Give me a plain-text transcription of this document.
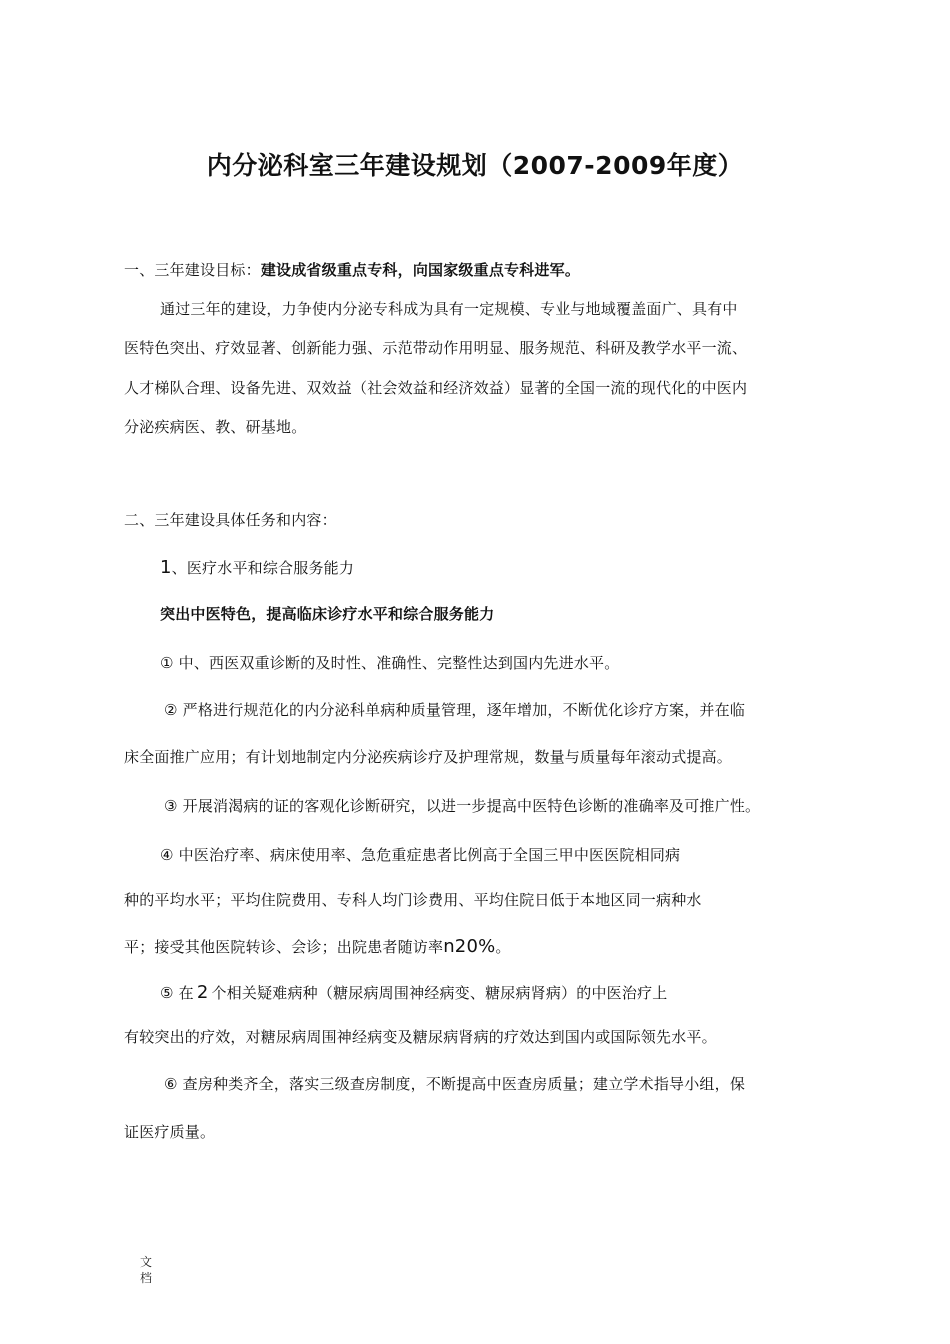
内分泌科室三年建设规划（2007-2009年度）
一、三年建设目标：建设成省级重点专科，向国家级重点专科进军。
通过三年的建设，力争使内分泌专科成为具有一定规模、专业与地域覆盖面广、具有中
医特色突出、疗效显著、创新能力强、示范带动作用明显、服务规范、科研及教学水平一流、
人才梯队合理、设备先进、双效益（社会效益和经济效益）显著的全国一流的现代化的中医内
分泌疾病医、教、研基地。
二、三年建设具体任务和内容：
1、医疗水平和综合服务能力
突出中医特色，提高临床诊疗水平和综合服务能力
① 中、西医双重诊断的及时性、准确性、完整性达到国内先进水平。
② 严格进行规范化的内分泌科单病种质量管理，逐年增加，不断优化诊疗方案，并在临
床全面推广应用；有计划地制定内分泌疾病诊疗及护理常规，数量与质量每年滚动式提高。
③ 开展消渴病的证的客观化诊断研究，以进一步提高中医特色诊断的准确率及可推广性。
④ 中医治疗率、病床使用率、急危重症患者比例高于全国三甲中医医院相同病
种的平均水平；平均住院费用、专科人均门诊费用、平均住院日低于本地区同一病种水
平；接受其他医院转诊、会诊；出院患者随访率n20%。
⑤ 在 2 个相关疑难病种（糖尿病周围神经病变、糖尿病肾病）的中医治疗上
有较突出的疗效，对糖尿病周围神经病变及糖尿病肾病的疗效达到国内或国际领先水平。
⑥ 查房种类齐全，落实三级查房制度，不断提高中医查房质量；建立学术指导小组，保
证医疗质量。
文档
